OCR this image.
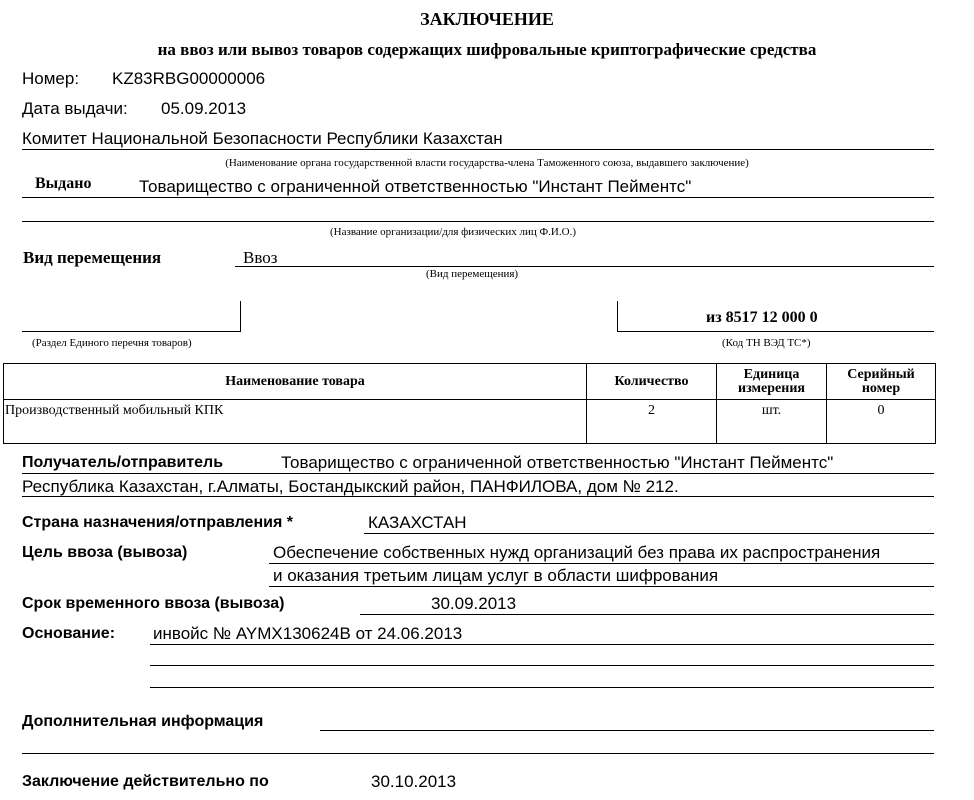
ЗАКЛЮЧЕНИЕ
на ввоз или вывоз товаров содержащих шифровальные криптографические средства
Номер: KZ83RBG00000006
Дата выдачи: 05.09.2013
Комитет Национальной Безопасности Республики Казахстан
(Наименование органа государственной власти государства-члена Таможенного союза, выдавшего заключение)
Выдано	Товарищество с ограниченной ответственностью "Инстант Пейментс"
(Название организации/для физических лиц Ф.И.О.)
Вид перемещения	Ввоз
(Вид перемещения)
(Раздел Единого перечня товаров)
из 8517 12 000 0
(Код ТН ВЭД ТС*)
Наименование товара	Количество	Единица измерения	Серийный номер
Производственный мобильный КПК	2	шт.	0
Получатель/отправитель	Товарищество с ограниченной ответственностью "Инстант Пейментс"
Республика Казахстан, г.Алматы, Бостандыкский район, ПАНФИЛОВА, дом № 212.
Страна назначения/отправления *	КАЗАХСТАН
Цель ввоза (вывоза)	Обеспечение собственных нужд организаций без права их распространения
и оказания третьим лицам услуг в области шифрования
Срок временного ввоза (вывоза)	30.09.2013
Основание: инвойс № AYMX130624B от 24.06.2013
Дополнительная информация
Заключение действительно по	30.10.2013
